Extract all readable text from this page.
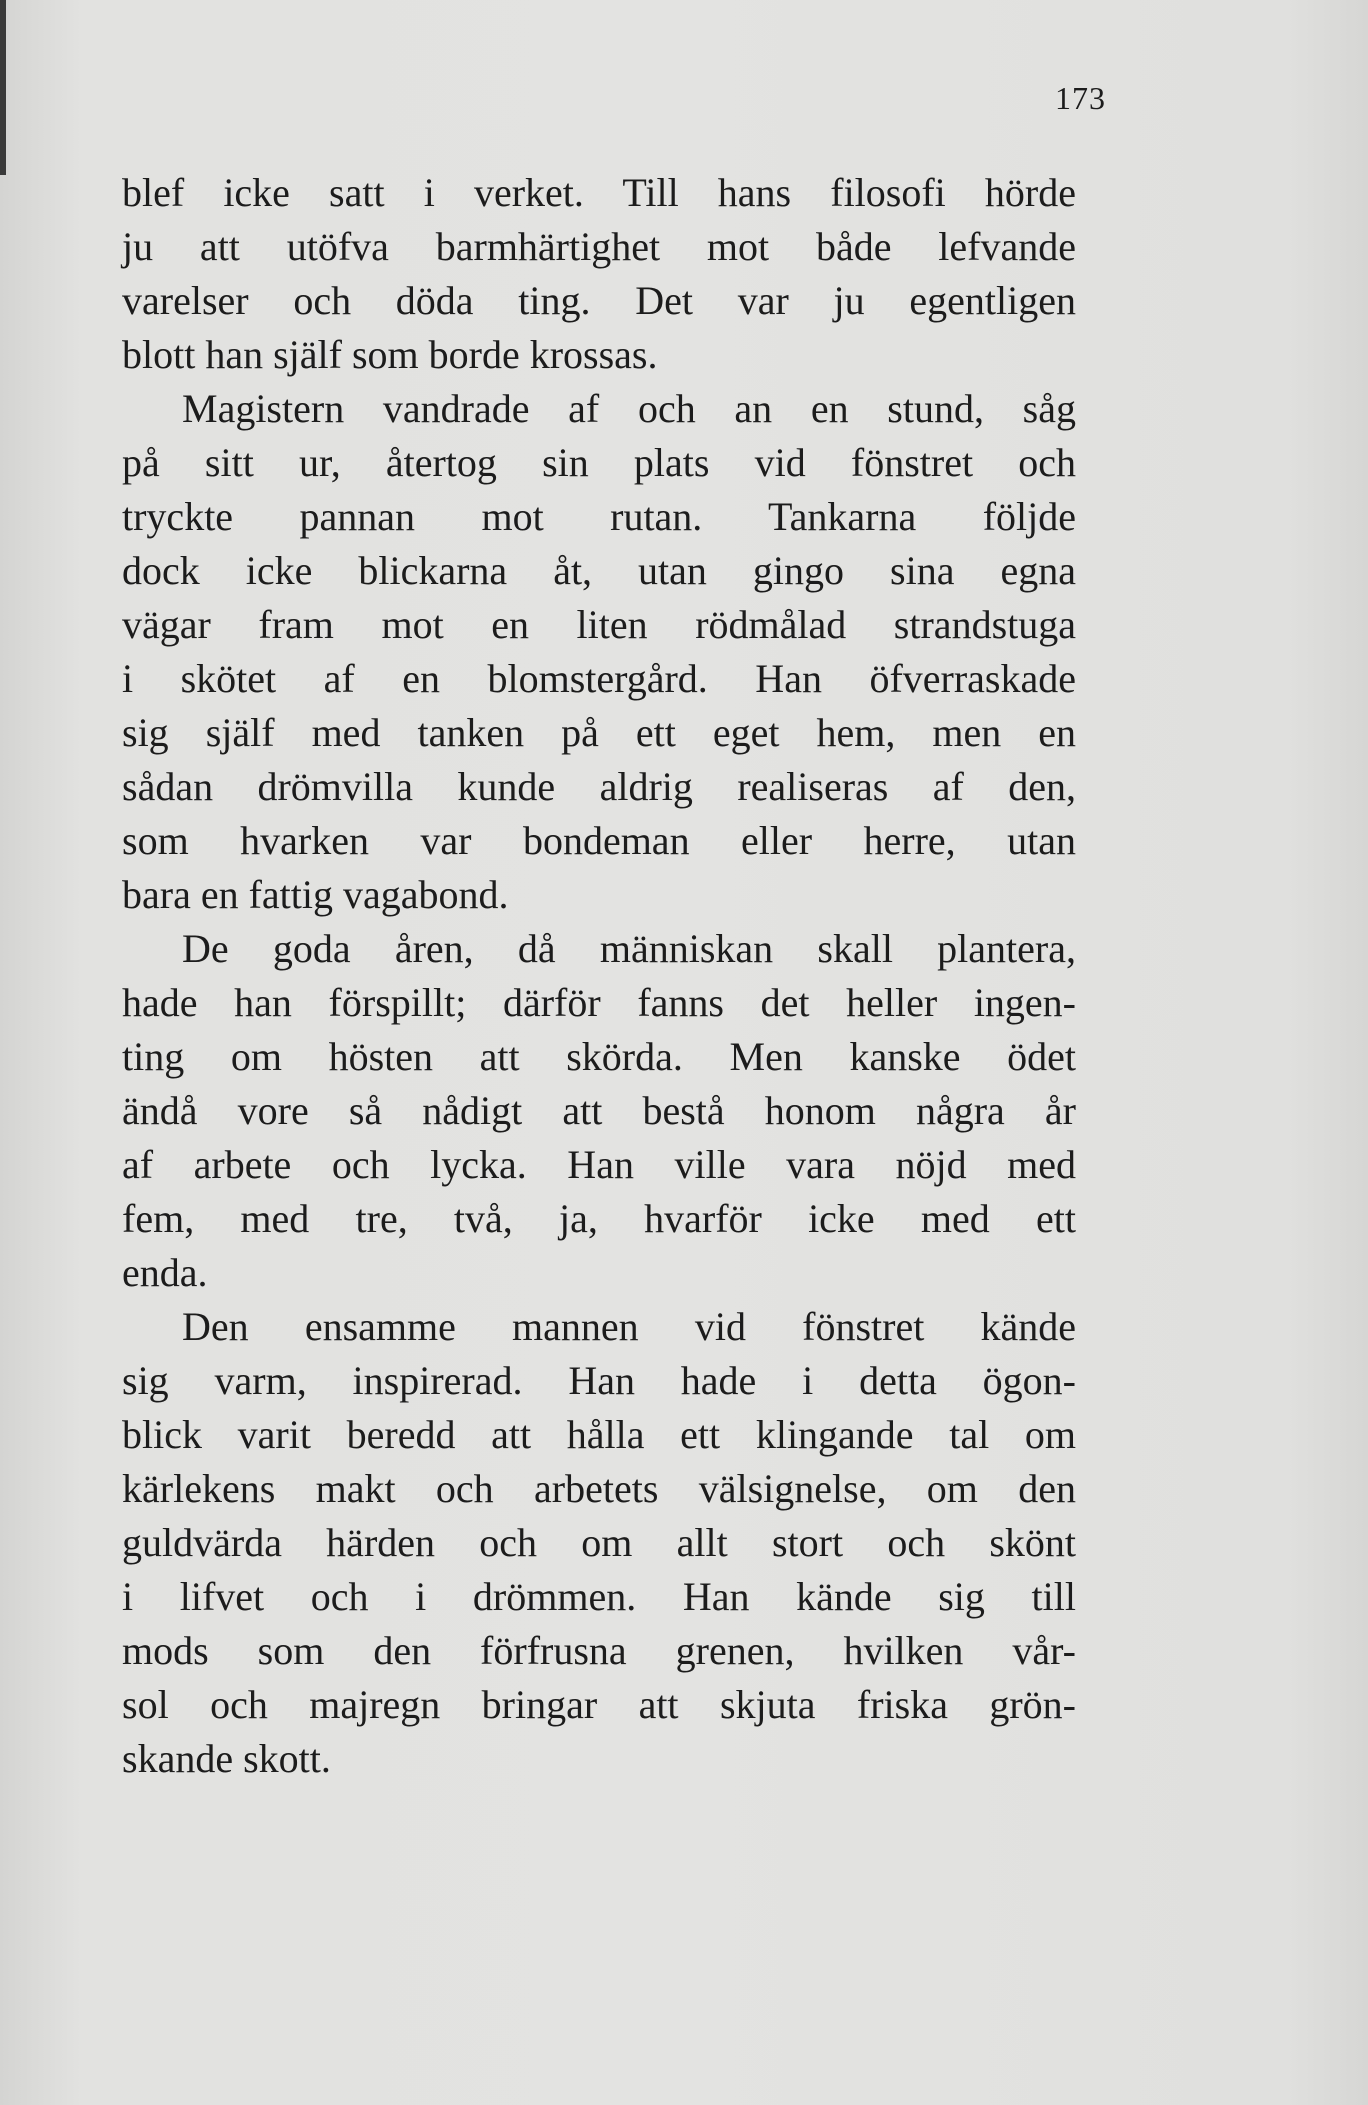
173
blef icke satt i verket. Till hans filosofi hörde
ju att utöfva barmhärtighet mot både lefvande
varelser och döda ting. Det var ju egentligen
blott han själf som borde krossas.
Magistern vandrade af och an en stund, såg
på sitt ur, återtog sin plats vid fönstret och
tryckte pannan mot rutan. Tankarna följde
dock icke blickarna åt, utan gingo sina egna
vägar fram mot en liten rödmålad strandstuga
i skötet af en blomstergård. Han öfverraskade
sig själf med tanken på ett eget hem, men en
sådan drömvilla kunde aldrig realiseras af den,
som hvarken var bondeman eller herre, utan
bara en fattig vagabond.
De goda åren, då människan skall plantera,
hade han förspillt; därför fanns det heller ingen-
ting om hösten att skörda. Men kanske ödet
ändå vore så nådigt att bestå honom några år
af arbete och lycka. Han ville vara nöjd med
fem, med tre, två, ja, hvarför icke med ett
enda.
Den ensamme mannen vid fönstret kände
sig varm, inspirerad. Han hade i detta ögon-
blick varit beredd att hålla ett klingande tal om
kärlekens makt och arbetets välsignelse, om den
guldvärda härden och om allt stort och skönt
i lifvet och i drömmen. Han kände sig till
mods som den förfrusna grenen, hvilken vår-
sol och majregn bringar att skjuta friska grön-
skande skott.
